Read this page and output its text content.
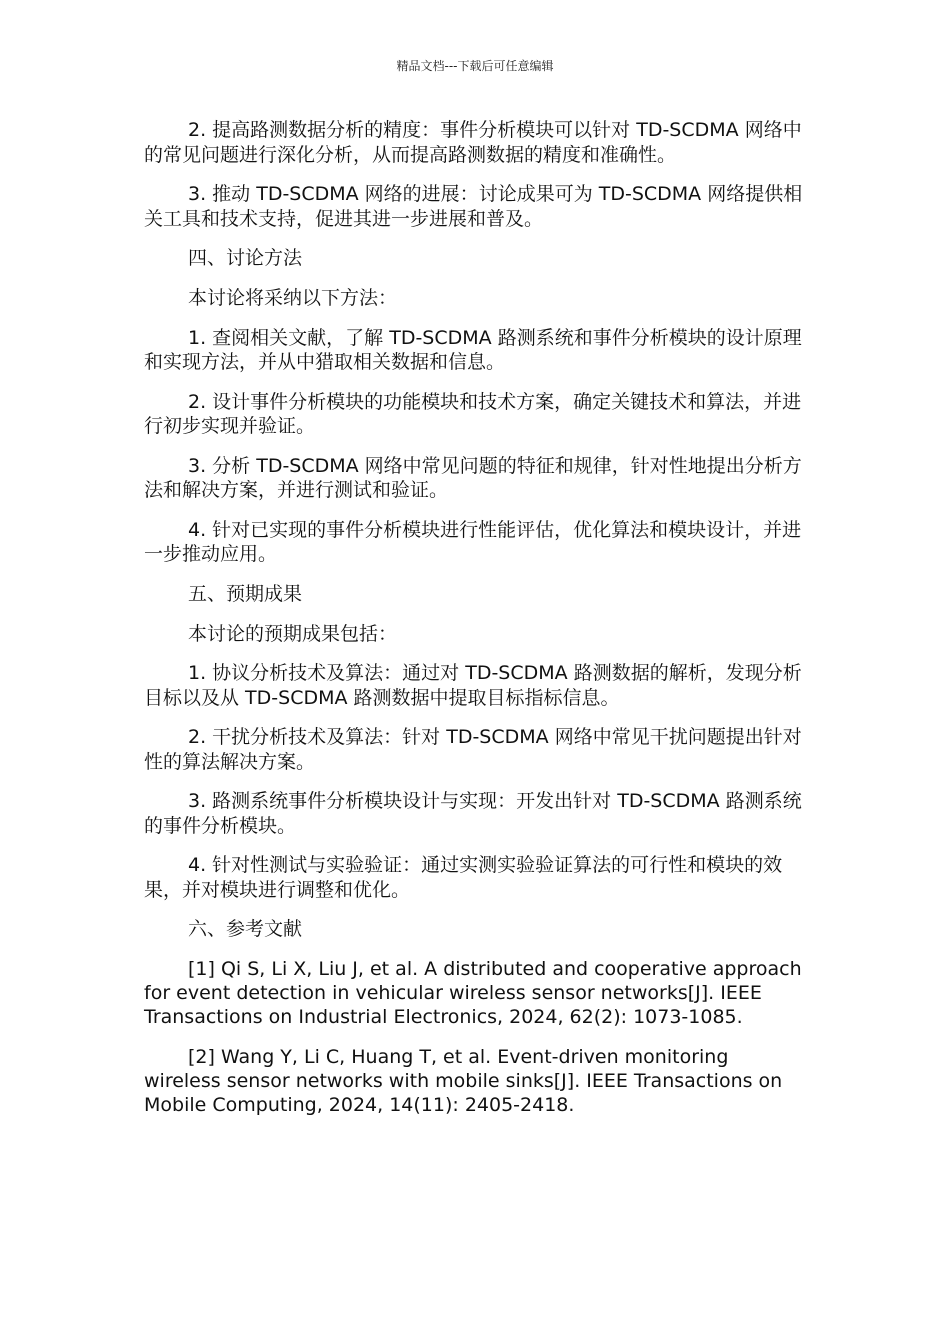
精品文档---下载后可任意编辑

2. 提高路测数据分析的精度：事件分析模块可以针对 TD-SCDMA 网络中的常见问题进行深化分析，从而提高路测数据的精度和准确性。

3. 推动 TD-SCDMA 网络的进展：讨论成果可为 TD-SCDMA 网络提供相关工具和技术支持，促进其进一步进展和普及。

四、讨论方法

本讨论将采纳以下方法：

1. 查阅相关文献，了解 TD-SCDMA 路测系统和事件分析模块的设计原理和实现方法，并从中猎取相关数据和信息。

2. 设计事件分析模块的功能模块和技术方案，确定关键技术和算法，并进行初步实现并验证。

3. 分析 TD-SCDMA 网络中常见问题的特征和规律，针对性地提出分析方法和解决方案，并进行测试和验证。

4. 针对已实现的事件分析模块进行性能评估，优化算法和模块设计，并进一步推动应用。

五、预期成果

本讨论的预期成果包括：

1. 协议分析技术及算法：通过对 TD-SCDMA 路测数据的解析，发现分析目标以及从 TD-SCDMA 路测数据中提取目标指标信息。

2. 干扰分析技术及算法：针对 TD-SCDMA 网络中常见干扰问题提出针对性的算法解决方案。

3. 路测系统事件分析模块设计与实现：开发出针对 TD-SCDMA 路测系统的事件分析模块。

4. 针对性测试与实验验证：通过实测实验验证算法的可行性和模块的效果，并对模块进行调整和优化。

六、参考文献

[1] Qi S, Li X, Liu J, et al. A distributed and cooperative approach for event detection in vehicular wireless sensor networks[J]. IEEE Transactions on Industrial Electronics, 2024, 62(2): 1073-1085.

[2] Wang Y, Li C, Huang T, et al. Event-driven monitoring wireless sensor networks with mobile sinks[J]. IEEE Transactions on Mobile Computing, 2024, 14(11): 2405-2418.
